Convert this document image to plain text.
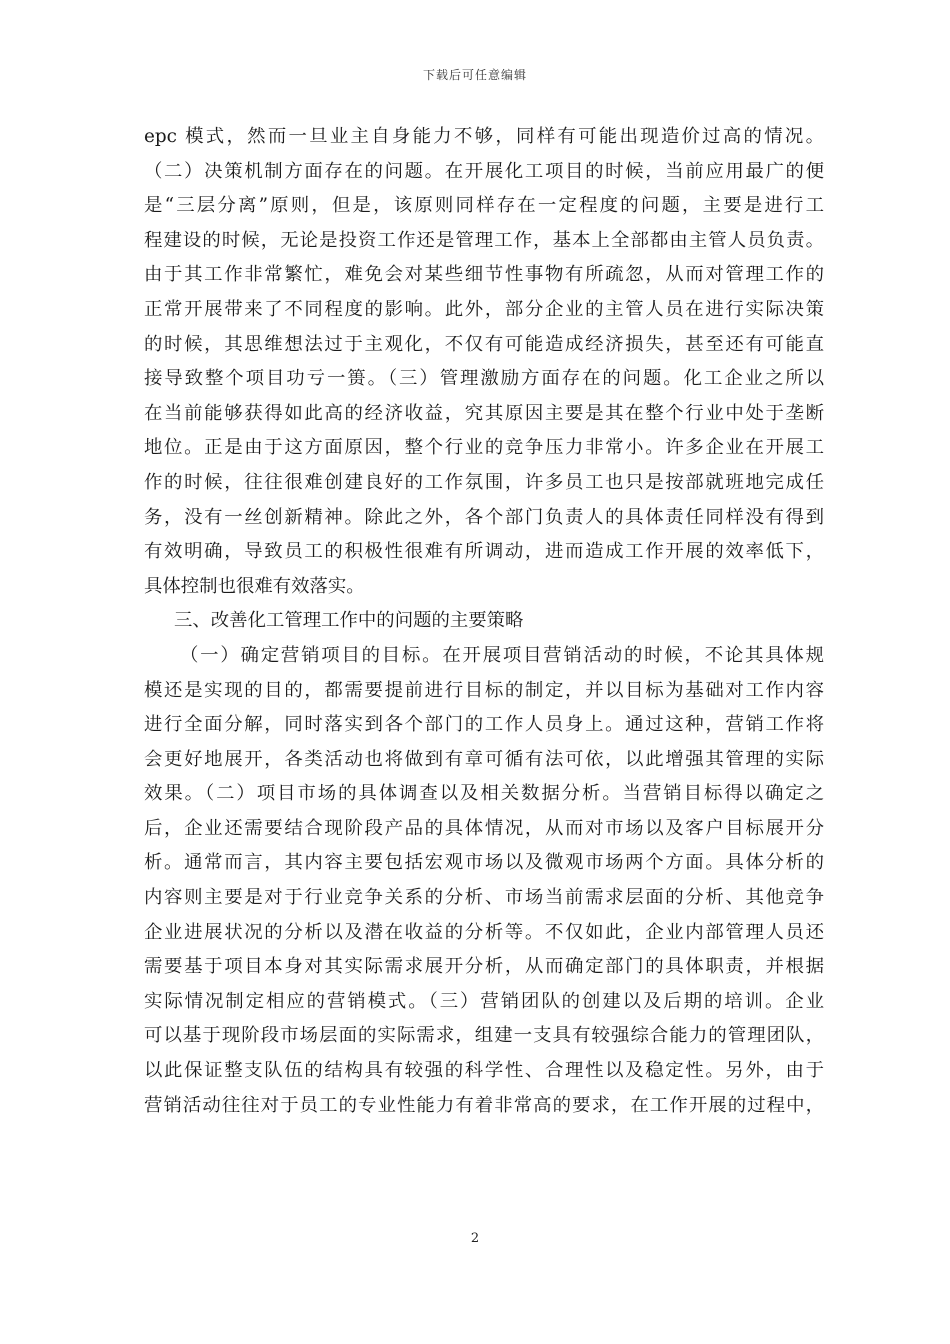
下载后可任意编辑
epc 模式，然而一旦业主自身能力不够，同样有可能出现造价过高的情况。
（二）决策机制方面存在的问题。在开展化工项目的时候，当前应用最广的便
是“三层分离”原则，但是，该原则同样存在一定程度的问题，主要是进行工
程建设的时候，无论是投资工作还是管理工作，基本上全部都由主管人员负责。
由于其工作非常繁忙，难免会对某些细节性事物有所疏忽，从而对管理工作的
正常开展带来了不同程度的影响。此外，部分企业的主管人员在进行实际决策
的时候，其思维想法过于主观化，不仅有可能造成经济损失，甚至还有可能直
接导致整个项目功亏一篑。（三）管理激励方面存在的问题。化工企业之所以
在当前能够获得如此高的经济收益，究其原因主要是其在整个行业中处于垄断
地位。正是由于这方面原因，整个行业的竞争压力非常小。许多企业在开展工
作的时候，往往很难创建良好的工作氛围，许多员工也只是按部就班地完成任
务，没有一丝创新精神。除此之外，各个部门负责人的具体责任同样没有得到
有效明确，导致员工的积极性很难有所调动，进而造成工作开展的效率低下，
具体控制也很难有效落实。
三、改善化工管理工作中的问题的主要策略
（一）确定营销项目的目标。在开展项目营销活动的时候，不论其具体规
模还是实现的目的，都需要提前进行目标的制定，并以目标为基础对工作内容
进行全面分解，同时落实到各个部门的工作人员身上。通过这种，营销工作将
会更好地展开，各类活动也将做到有章可循有法可依，以此增强其管理的实际
效果。（二）项目市场的具体调查以及相关数据分析。当营销目标得以确定之
后，企业还需要结合现阶段产品的具体情况，从而对市场以及客户目标展开分
析。通常而言，其内容主要包括宏观市场以及微观市场两个方面。具体分析的
内容则主要是对于行业竞争关系的分析、市场当前需求层面的分析、其他竞争
企业进展状况的分析以及潜在收益的分析等。不仅如此，企业内部管理人员还
需要基于项目本身对其实际需求展开分析，从而确定部门的具体职责，并根据
实际情况制定相应的营销模式。（三）营销团队的创建以及后期的培训。企业
可以基于现阶段市场层面的实际需求，组建一支具有较强综合能力的管理团队，
以此保证整支队伍的结构具有较强的科学性、合理性以及稳定性。另外，由于
营销活动往往对于员工的专业性能力有着非常高的要求，在工作开展的过程中，
2
